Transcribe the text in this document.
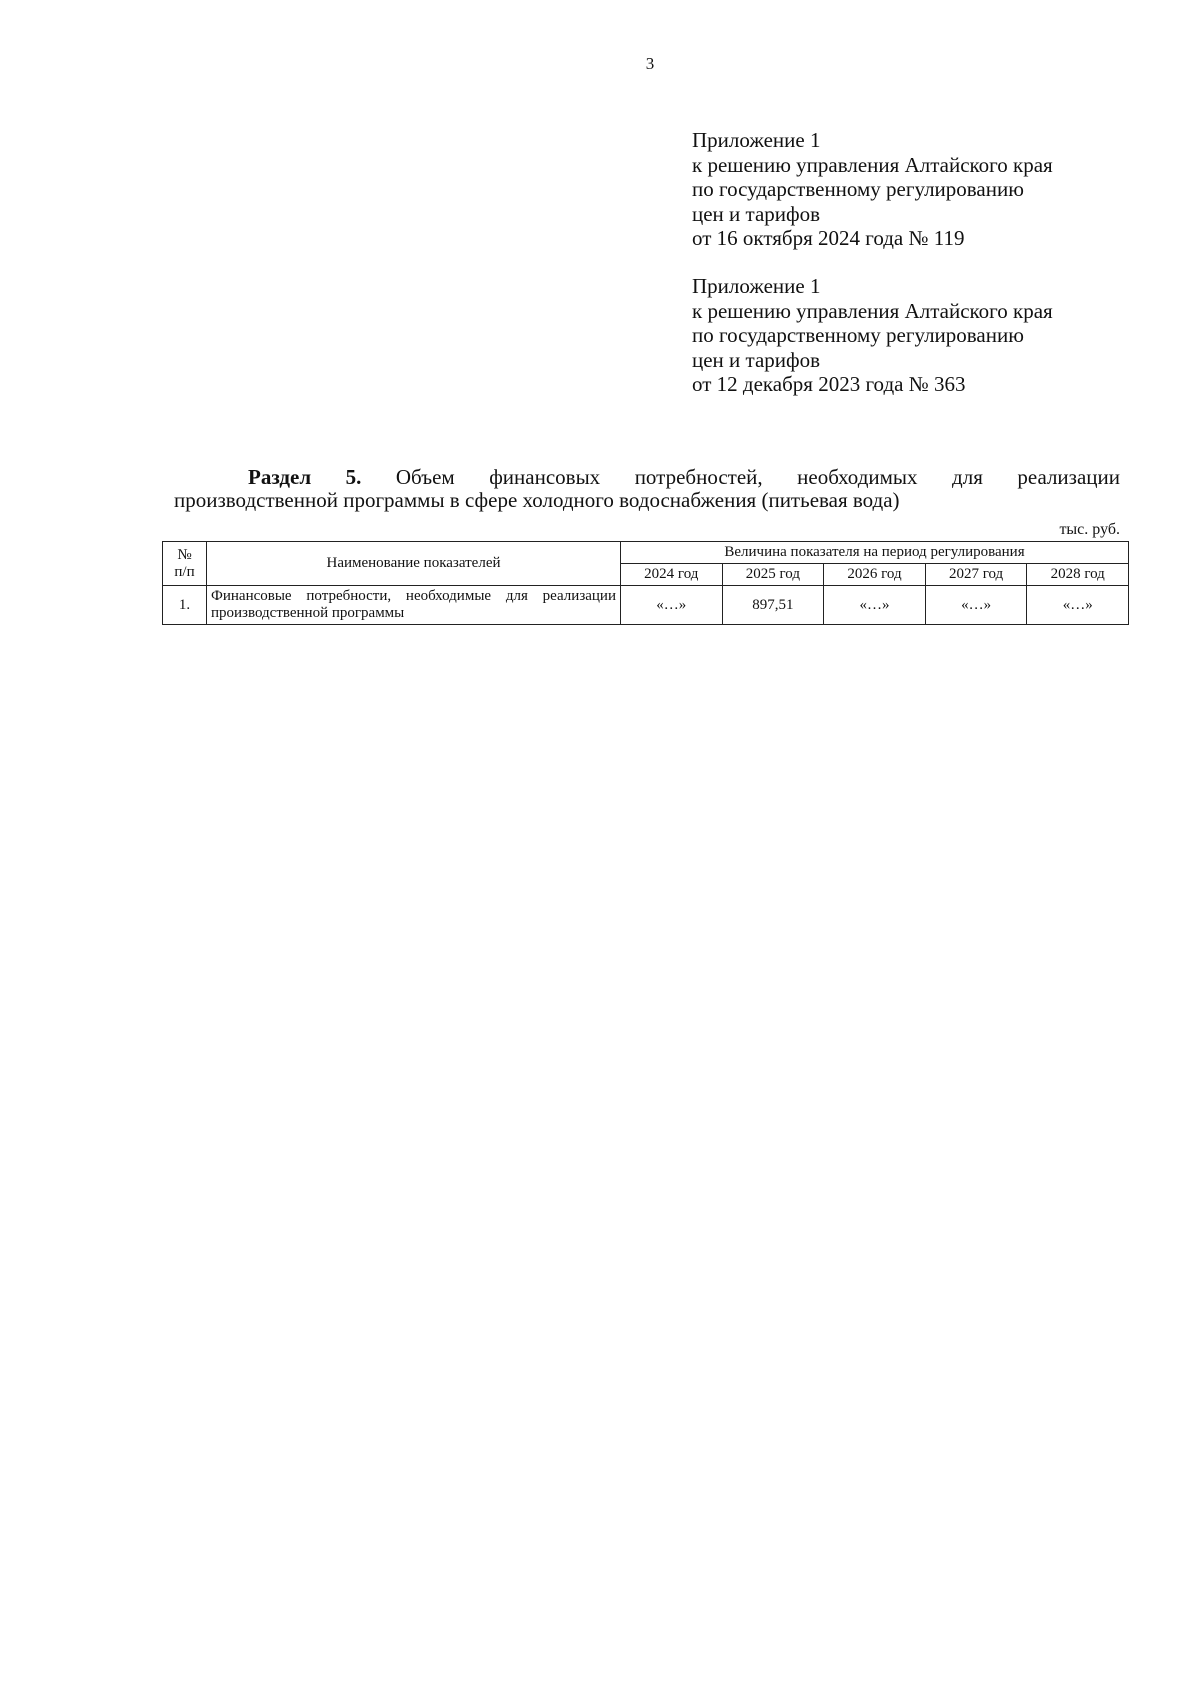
3
Приложение 1
к решению управления Алтайского края
по государственному регулированию
цен и тарифов
от 16 октября 2024 года № 119
Приложение 1
к решению управления Алтайского края
по государственному регулированию
цен и тарифов
от 12 декабря 2023 года № 363
Раздел 5. Объем финансовых потребностей, необходимых для реализации
производственной программы в сфере холодного водоснабжения (питьевая вода)
тыс. руб.
№
п/п	Наименование показателей	Величина показателя на период регулирования				
		2024 год	2025 год	2026 год	2027 год	2028 год
1.	Финансовые потребности, необходимые для реализации производственной программы	«…»	897,51	«…»	«…»	«…»
